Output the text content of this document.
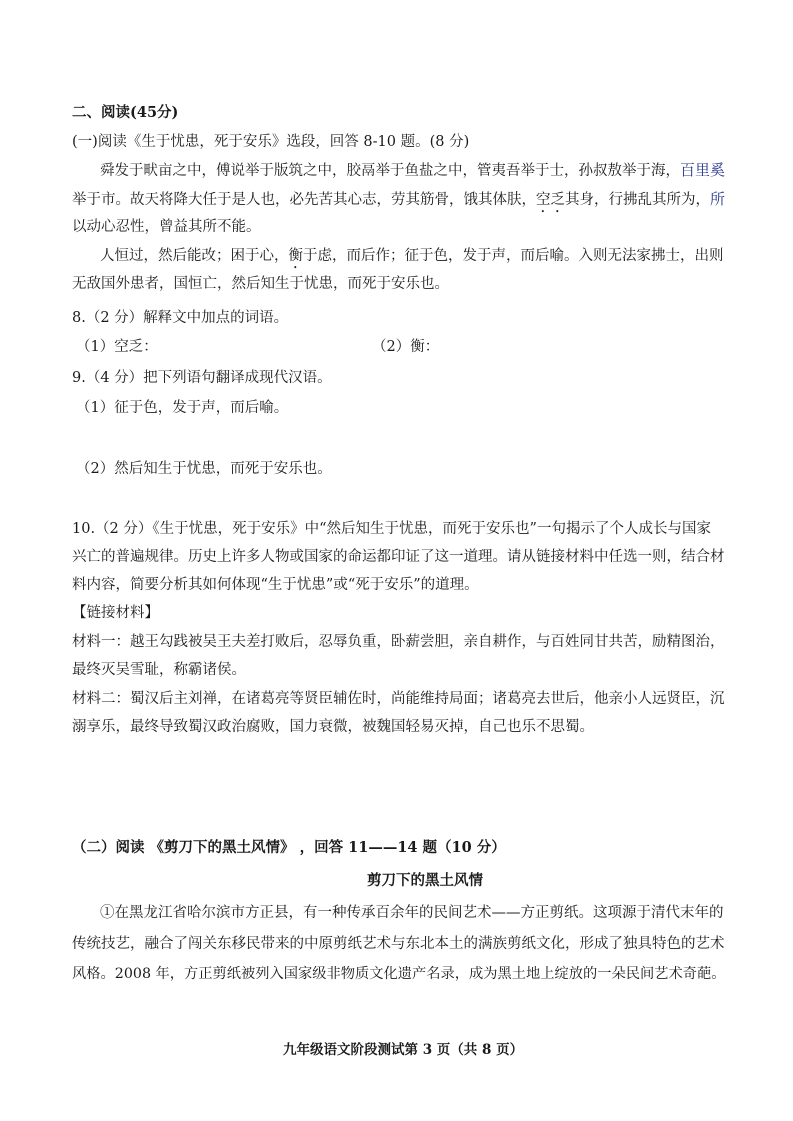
二、阅读(45分)
(一)阅读《生于忧患，死于安乐》选段，回答 8-10 题。(8 分)
舜发于畎亩之中，傅说举于版筑之中，胶鬲举于鱼盐之中，管夷吾举于士，孙叔敖举于海，百里奚
举于市。故天将降大任于是人也，必先苦其心志，劳其筋骨，饿其体肤，空乏其身，行拂乱其所为，所
以动心忍性，曾益其所不能。
人恒过，然后能改；困于心，衡于虑，而后作；征于色，发于声，而后喻。入则无法家拂士，出则
无敌国外患者，国恒亡，然后知生于忧患，而死于安乐也。
8.（2 分）解释文中加点的词语。
（1）空乏：	（2）衡：
9.（4 分）把下列语句翻译成现代汉语。
（1）征于色，发于声，而后喻。
（2）然后知生于忧患，而死于安乐也。
10.（2 分）《生于忧患，死于安乐》中“然后知生于忧患，而死于安乐也”一句揭示了个人成长与国家
兴亡的普遍规律。历史上许多人物或国家的命运都印证了这一道理。请从链接材料中任选一则，结合材
料内容，简要分析其如何体现“生于忧患”或“死于安乐”的道理。
【链接材料】
材料一：越王勾践被吴王夫差打败后，忍辱负重，卧薪尝胆，亲自耕作，与百姓同甘共苦，励精图治，
最终灭吴雪耻，称霸诸侯。
材料二：蜀汉后主刘禅，在诸葛亮等贤臣辅佐时，尚能维持局面；诸葛亮去世后，他亲小人远贤臣，沉
溺享乐，最终导致蜀汉政治腐败，国力衰微，被魏国轻易灭掉，自己也乐不思蜀。
（二）阅读 《剪刀下的黑土风情》 ，回答 11——14 题（10 分）
剪刀下的黑土风情
①在黑龙江省哈尔滨市方正县，有一种传承百余年的民间艺术——方正剪纸。这项源于清代末年的
传统技艺，融合了闯关东移民带来的中原剪纸艺术与东北本土的满族剪纸文化，形成了独具特色的艺术
风格。2008 年，方正剪纸被列入国家级非物质文化遗产名录，成为黑土地上绽放的一朵民间艺术奇葩。
九年级语文阶段测试第 3 页（共 8 页）
